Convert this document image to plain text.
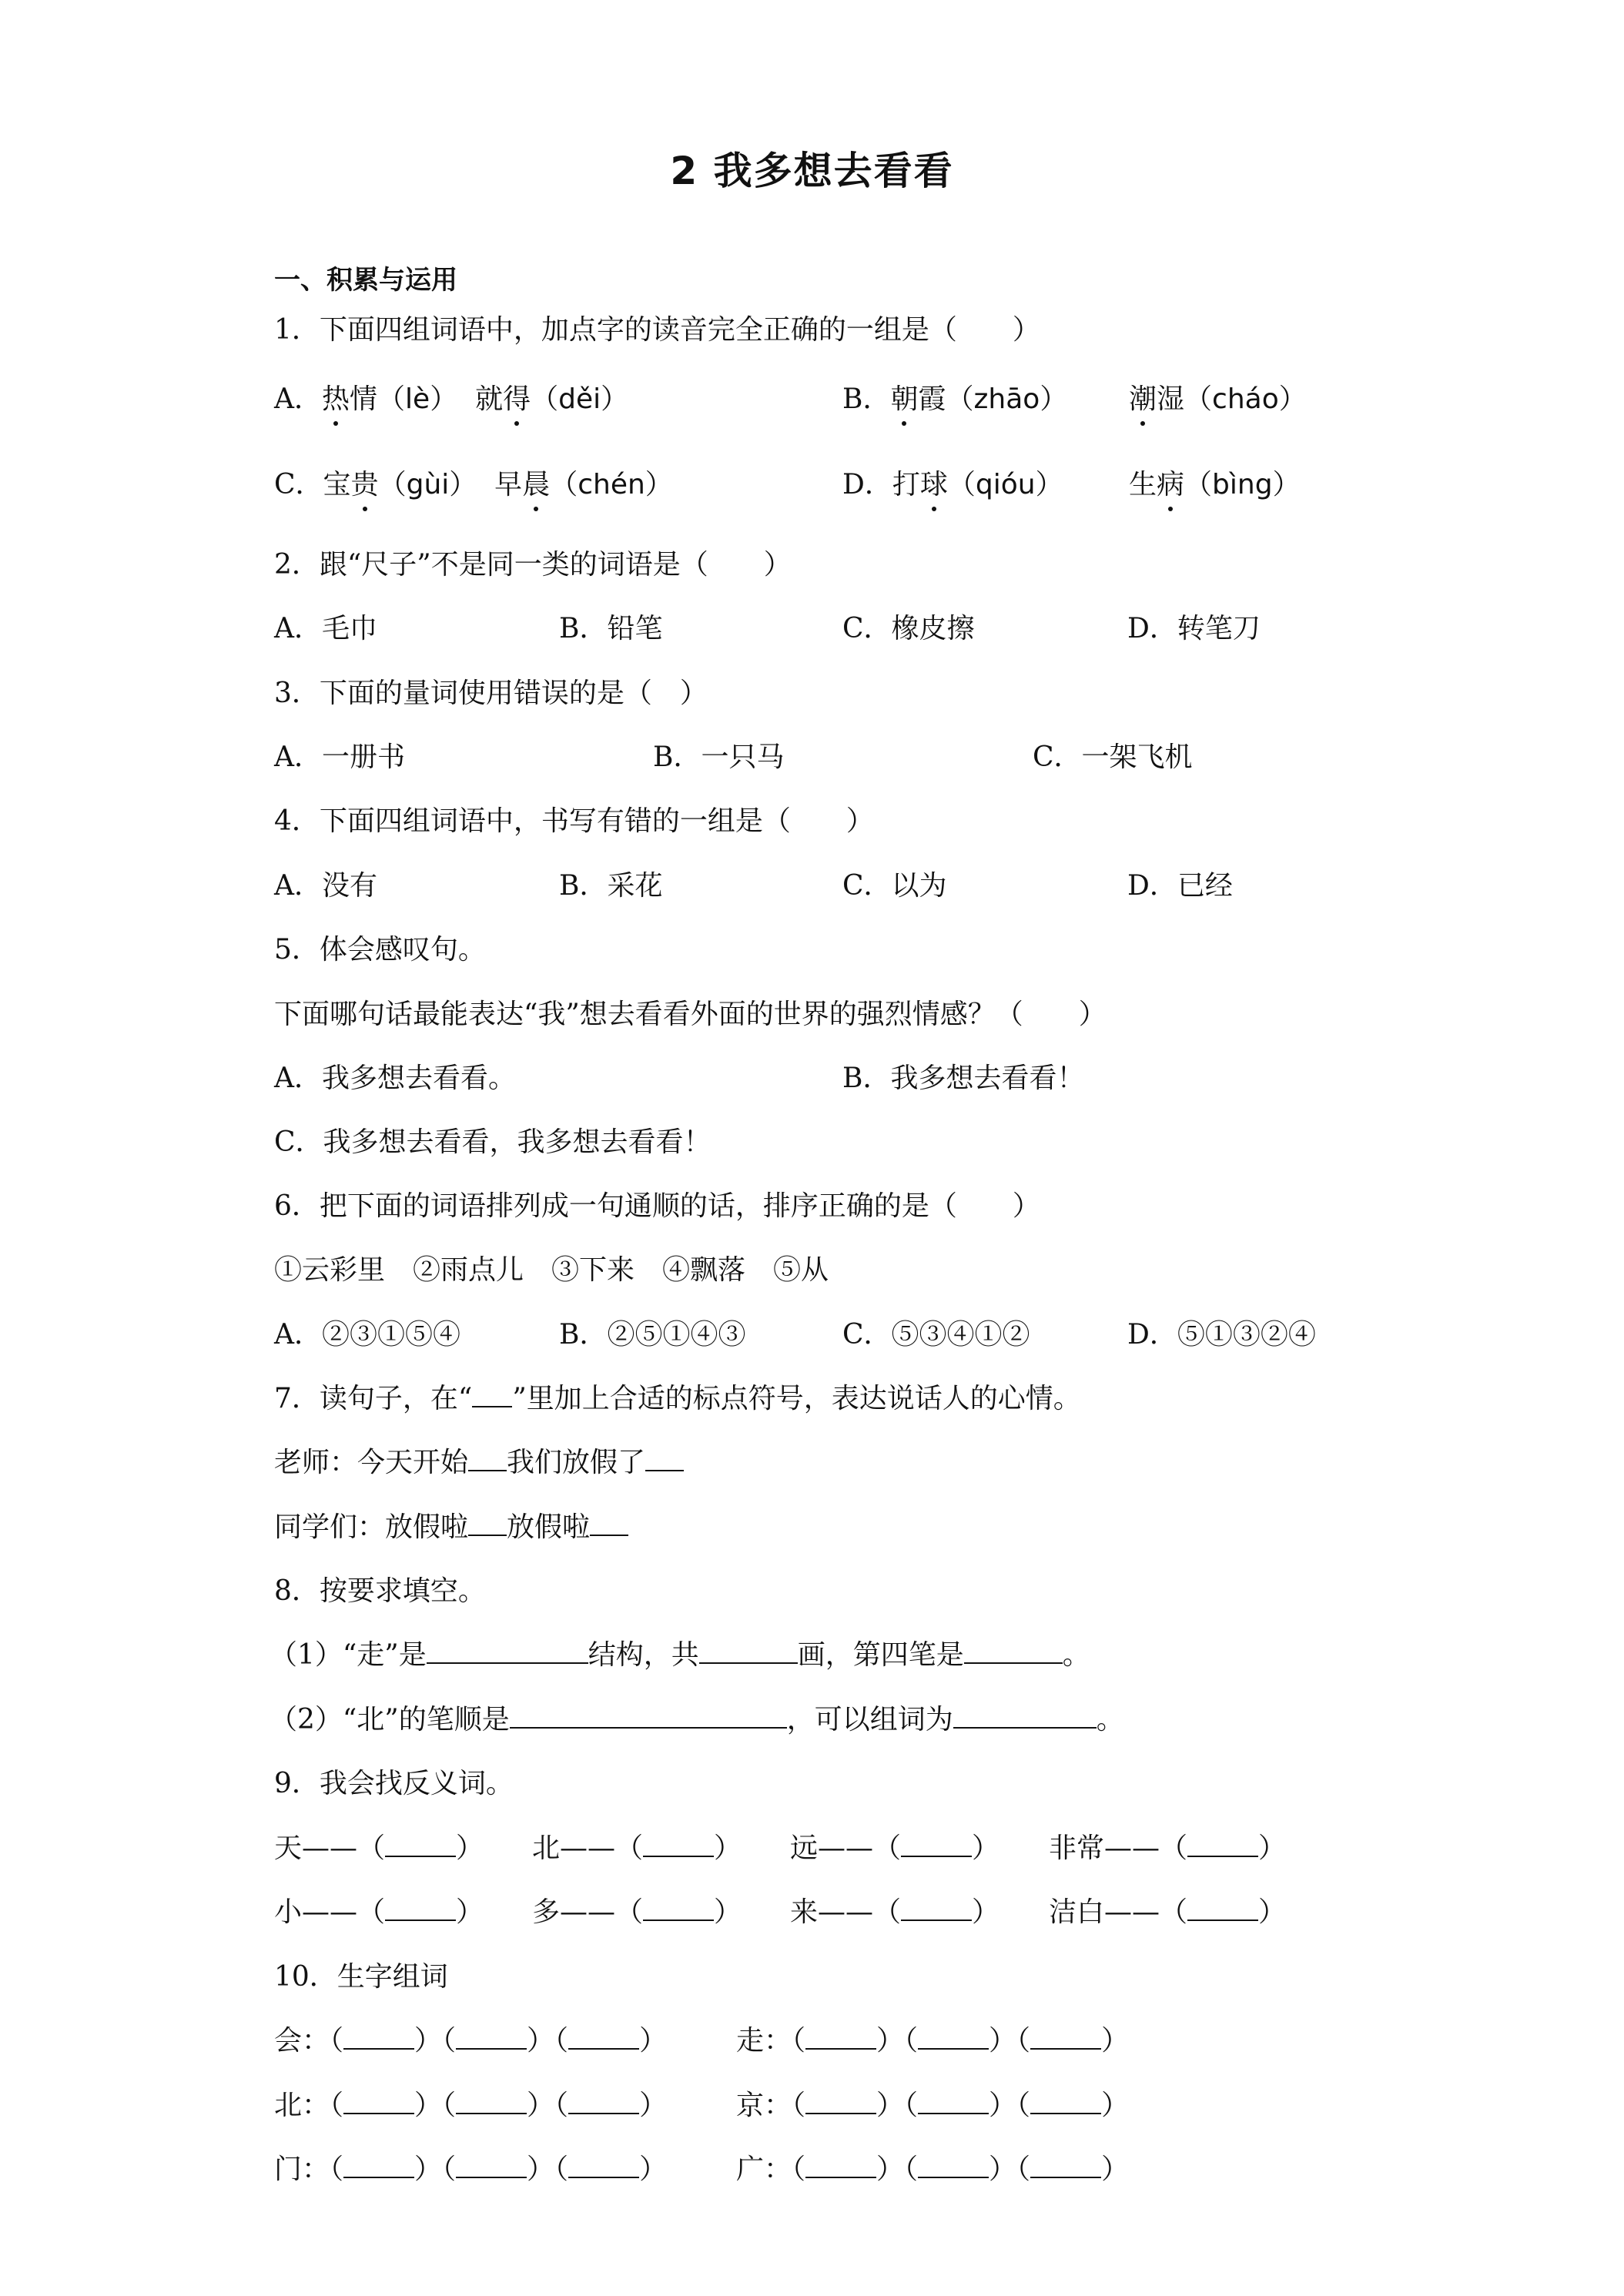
2 我多想去看看
一、积累与运用
1．下面四组词语中，加点字的读音完全正确的一组是（　　）
A．热情（lè） 就得（děi）	B．朝霞（zhāo） 潮湿（cháo）
C．宝贵（gùi） 早晨（chén）	D．打球（qióu） 生病（bìng）
2．跟“尺子”不是同一类的词语是（　　）
A．毛巾	B．铅笔	C．橡皮擦	D．转笔刀
3．下面的量词使用错误的是（　）
A．一册书	B．一只马	C．一架飞机
4．下面四组词语中，书写有错的一组是（　　）
A．没有	B．采花	C．以为	D．已经
5．体会感叹句。
下面哪句话最能表达“我”想去看看外面的世界的强烈情感？（　　）
A．我多想去看看。	B．我多想去看看！
C．我多想去看看，我多想去看看！
6．把下面的词语排列成一句通顺的话，排序正确的是（　　）
①云彩里　②雨点儿　③下来　④飘落　⑤从
A．②③①⑤④	B．②⑤①④③	C．⑤③④①②	D．⑤①③②④
7．读句子，在“ ”里加上合适的标点符号，表达说话人的心情。
老师：今天开始 我们放假了
同学们：放假啦 放假啦
8．按要求填空。
（1）“走”是	结构，共	画，第四笔是	。
（2）“北”的笔顺是	，可以组词为	。
9．我会找反义词。
天——（	） 北——（	） 远——（	） 非常——（	）
小——（	） 多——（	） 来——（	） 洁白——（	）
10．生字组词
会：（	）（	）（	） 走：（	）（	）（	）
北：（	）（	）（	） 京：（	）（	）（	）
门：（	）（	）（	） 广：（	）（	）（	）
